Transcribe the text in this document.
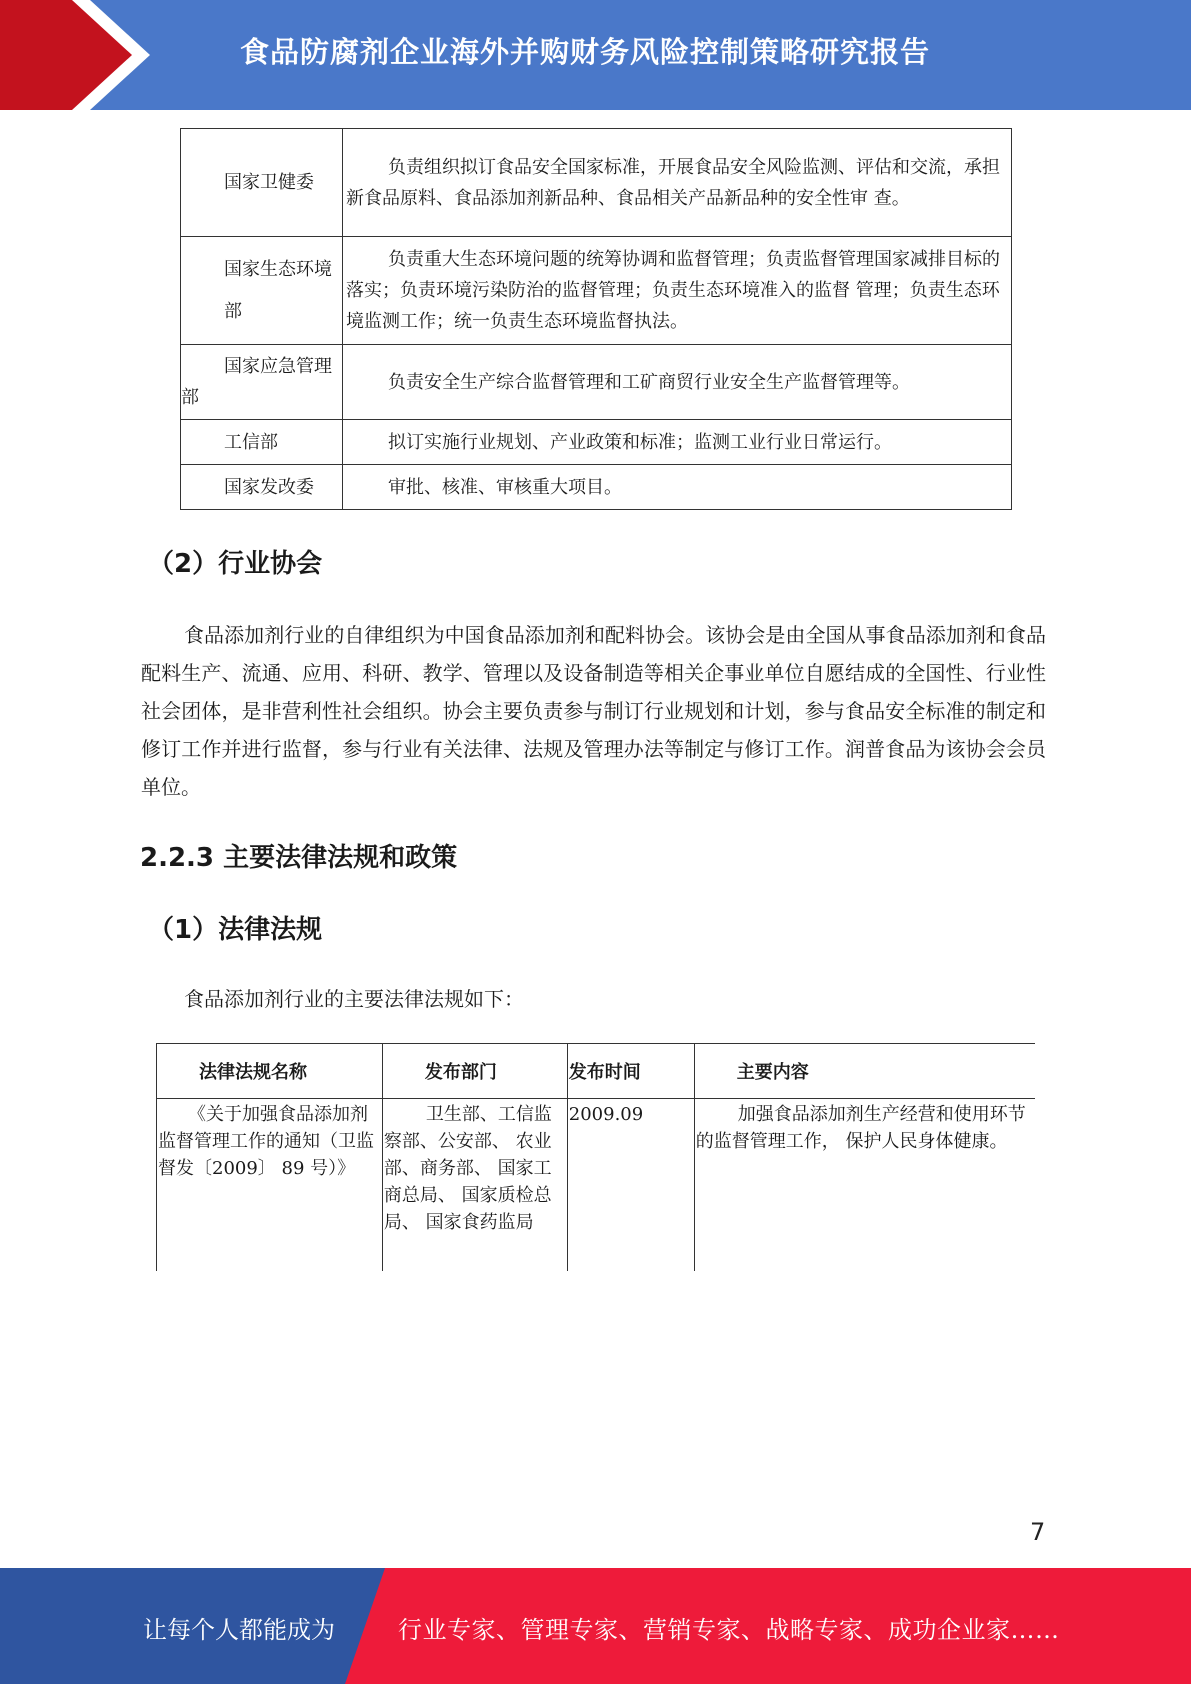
食品防腐剂企业海外并购财务风险控制策略研究报告
国家卫健委	负责组织拟订食品安全国家标准，开展食品安全风险监测、评估和交流，承担新食品原料、食品添加剂新品种、食品相关产品新品种的安全性审 查。

国家生态环境部	负责重大生态环境问题的统筹协调和监督管理；负责监督管理国家减排目标的落实；负责环境污染防治的监督管理；负责生态环境准入的监督 管理；负责生态环境监测工作；统一负责生态环境监督执法。
国家应急管理部	负责安全生产综合监督管理和工矿商贸行业安全生产监督管理等。
工信部	拟订实施行业规划、产业政策和标准；监测工业行业日常运行。
国家发改委	审批、核准、审核重大项目。
（2）行业协会
食品添加剂行业的自律组织为中国食品添加剂和配料协会。该协会是由全国从事食品添加剂和食品配料生产、流通、应用、科研、教学、管理以及设备制造等相关企事业单位自愿结成的全国性、行业性社会团体，是非营利性社会组织。协会主要负责参与制订行业规划和计划，参与食品安全标准的制定和修订工作并进行监督，参与行业有关法律、法规及管理办法等制定与修订工作。润普食品为该协会会员单位。
2.2.3 主要法律法规和政策
（1）法律法规
食品添加剂行业的主要法律法规如下：
法律法规名称	发布部门	发布时间	主要内容
《关于加强食品添加剂监督管理工作的通知（卫监督发〔2009〕 89 号）》	卫生部、工信监察部、公安部、 农业部、商务部、 国家工商总局、 国家质检总局、 国家食药监局	2009.09	加强食品添加剂生产经营和使用环节的监督管理工作， 保护人民身体健康。
7
让每个人都能成为	行业专家、管理专家、营销专家、战略专家、成功企业家……
